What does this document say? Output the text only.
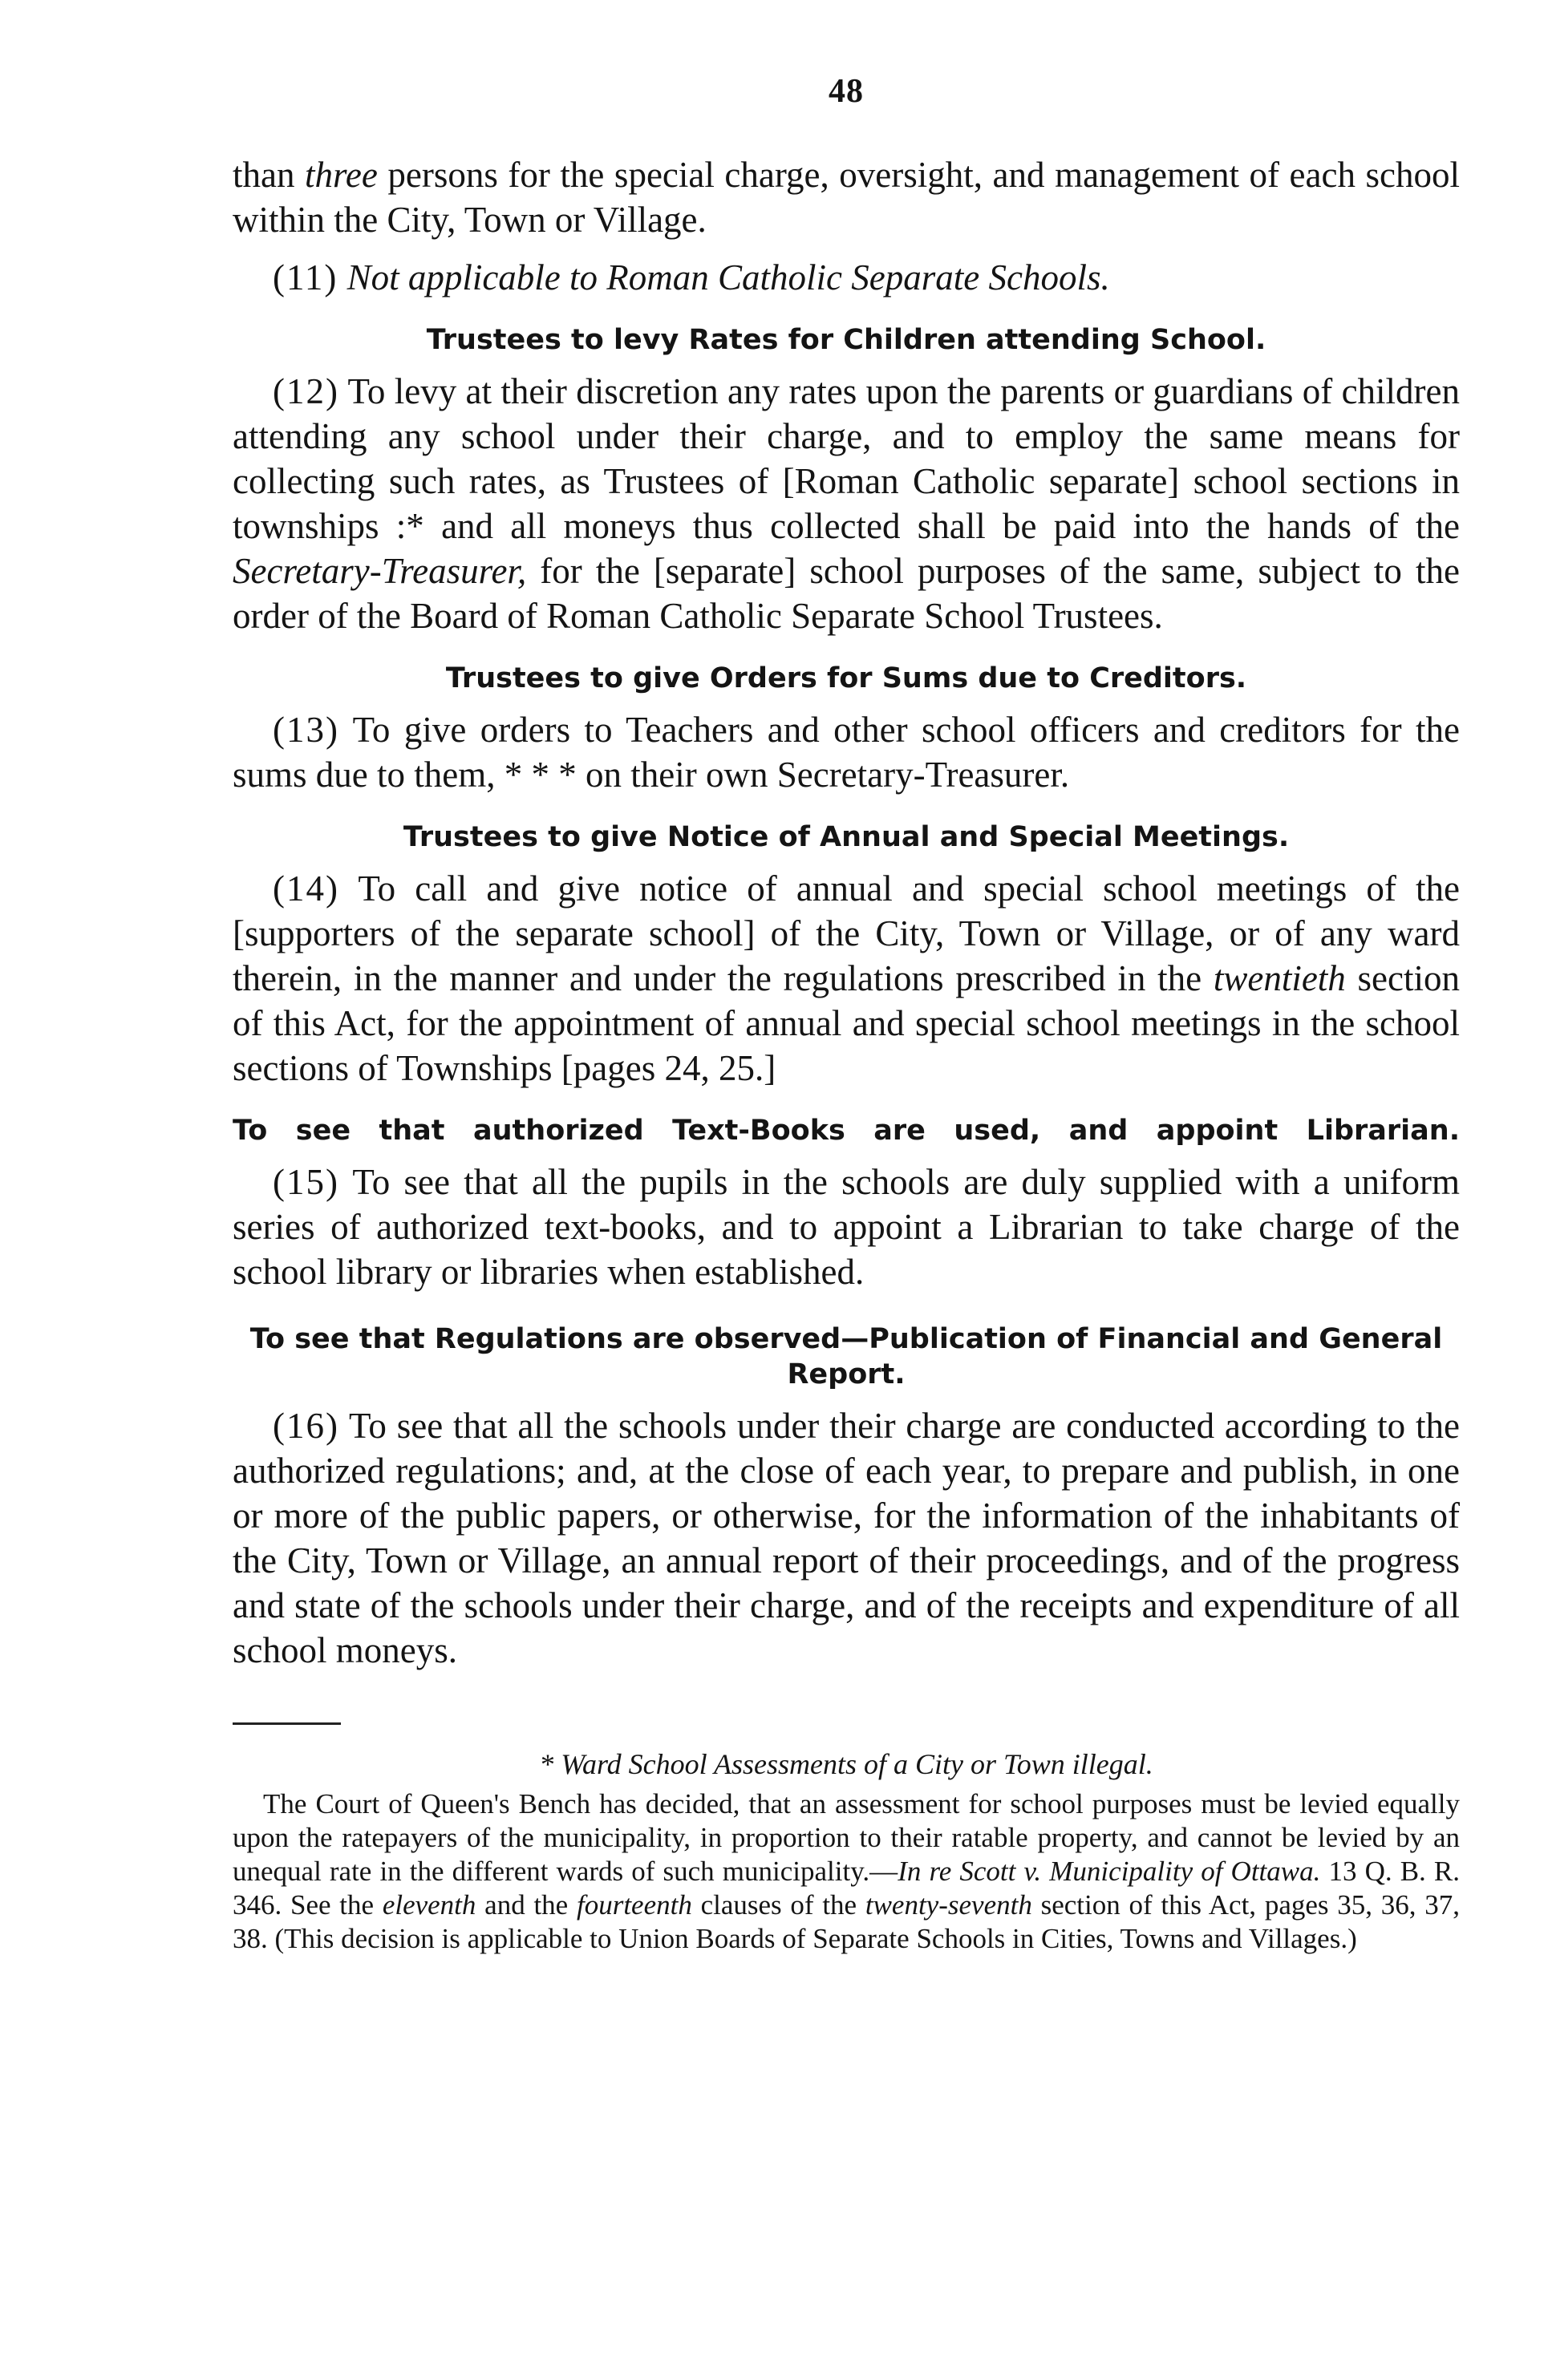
48

than three persons for the special charge, oversight, and management of each school within the City, Town or Village.

(11) Not applicable to Roman Catholic Separate Schools.

Trustees to levy Rates for Children attending School.

(12) To levy at their discretion any rates upon the parents or guardians of children attending any school under their charge, and to employ the same means for collecting such rates, as Trustees of [Roman Catholic separate] school sections in townships :* and all moneys thus collected shall be paid into the hands of the Secretary-Treasurer, for the [separate] school purposes of the same, subject to the order of the Board of Roman Catholic Separate School Trustees.

Trustees to give Orders for Sums due to Creditors.

(13) To give orders to Teachers and other school officers and creditors for the sums due to them, * * * on their own Secretary-Treasurer.

Trustees to give Notice of Annual and Special Meetings.

(14) To call and give notice of annual and special school meetings of the [supporters of the separate school] of the City, Town or Village, or of any ward therein, in the manner and under the regulations prescribed in the twentieth section of this Act, for the appointment of annual and special school meetings in the school sections of Townships [pages 24, 25.]

To see that authorized Text-Books are used, and appoint Librarian.

(15) To see that all the pupils in the schools are duly supplied with a uniform series of authorized text-books, and to appoint a Librarian to take charge of the school library or libraries when established.

To see that Regulations are observed—Publication of Financial and General Report.

(16) To see that all the schools under their charge are conducted according to the authorized regulations; and, at the close of each year, to prepare and publish, in one or more of the public papers, or otherwise, for the information of the inhabitants of the City, Town or Village, an annual report of their proceedings, and of the progress and state of the schools under their charge, and of the receipts and expenditure of all school moneys.

* Ward School Assessments of a City or Town illegal.

The Court of Queen's Bench has decided, that an assessment for school purposes must be levied equally upon the ratepayers of the municipality, in proportion to their ratable property, and cannot be levied by an unequal rate in the different wards of such municipality.—In re Scott v. Municipality of Ottawa. 13 Q. B. R. 346. See the eleventh and the fourteenth clauses of the twenty-seventh section of this Act, pages 35, 36, 37, 38. (This decision is applicable to Union Boards of Separate Schools in Cities, Towns and Villages.)
